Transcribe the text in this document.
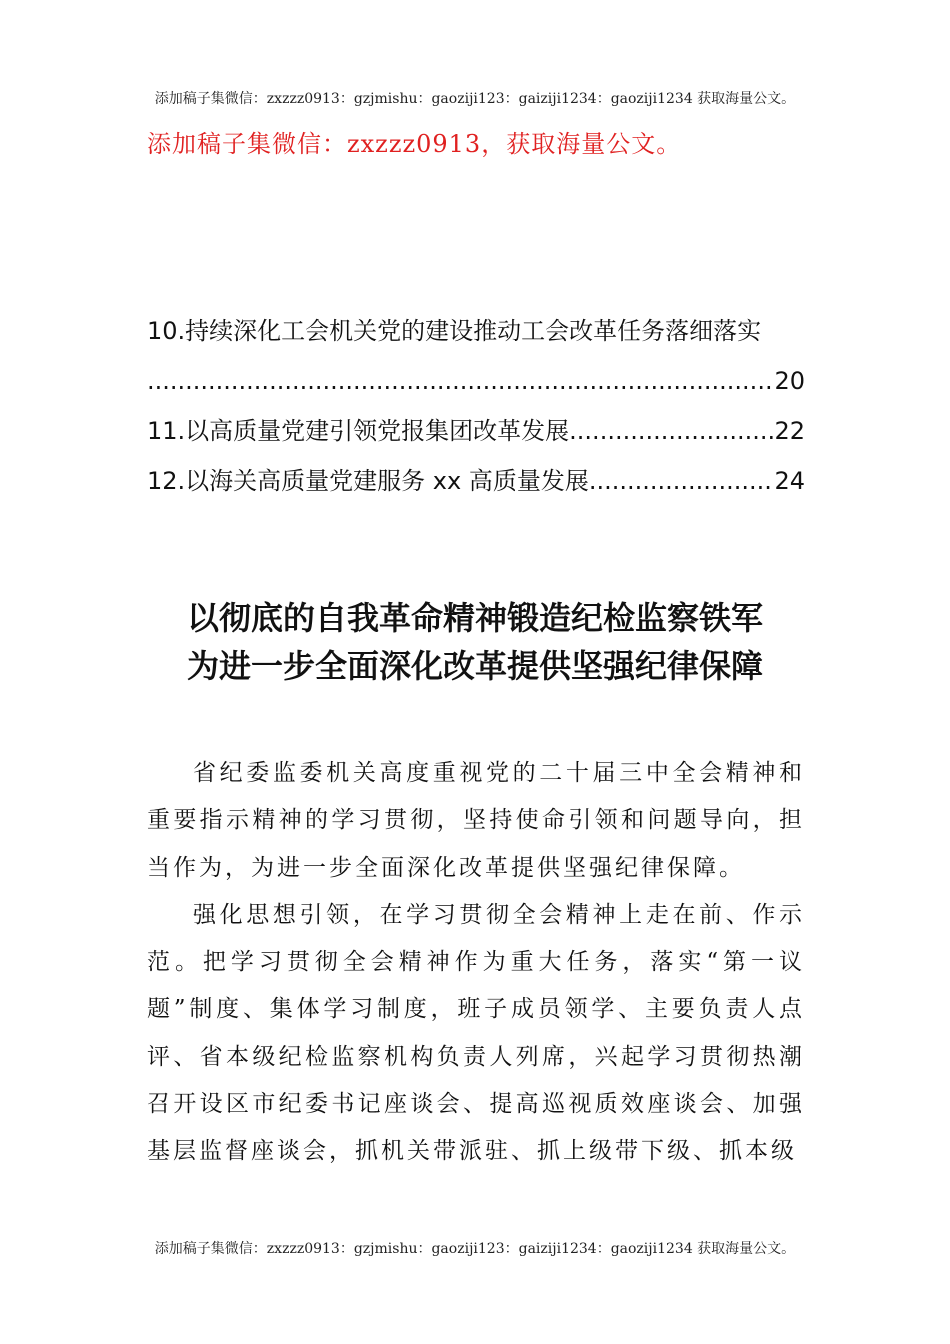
添加稿子集微信：zxzzz0913：gzjmishu：gaoziji123：gaiziji1234：gaoziji1234 获取海量公文。
添加稿子集微信：zxzzz0913，获取海量公文。
10.持续深化工会机关党的建设推动工会改革任务落细落实
.....
20
11.以高质量党建引领党报集团改革发展 .....	22
12.以海关高质量党建服务 xx 高质量发展 .....	24
以彻底的自我革命精神锻造纪检监察铁军
为进一步全面深化改革提供坚强纪律保障

省纪委监委机关高度重视党的二十届三中全会精神和重要指示精神的学习贯彻，坚持使命引领和问题导向，担当作为，为进一步全面深化改革提供坚强纪律保障。

强化思想引领，在学习贯彻全会精神上走在前、作示范。把学习贯彻全会精神作为重大任务，落实“第一议题”制度、集体学习制度，班子成员领学、主要负责人点评、省本级纪检监察机构负责人列席，兴起学习贯彻热潮召开设区市纪委书记座谈会、提高巡视质效座谈会、加强基层监督座谈会，抓机关带派驻、抓上级带下级、抓本级

添加稿子集微信：zxzzz0913：gzjmishu：gaoziji123：gaiziji1234：gaoziji1234 获取海量公文。
